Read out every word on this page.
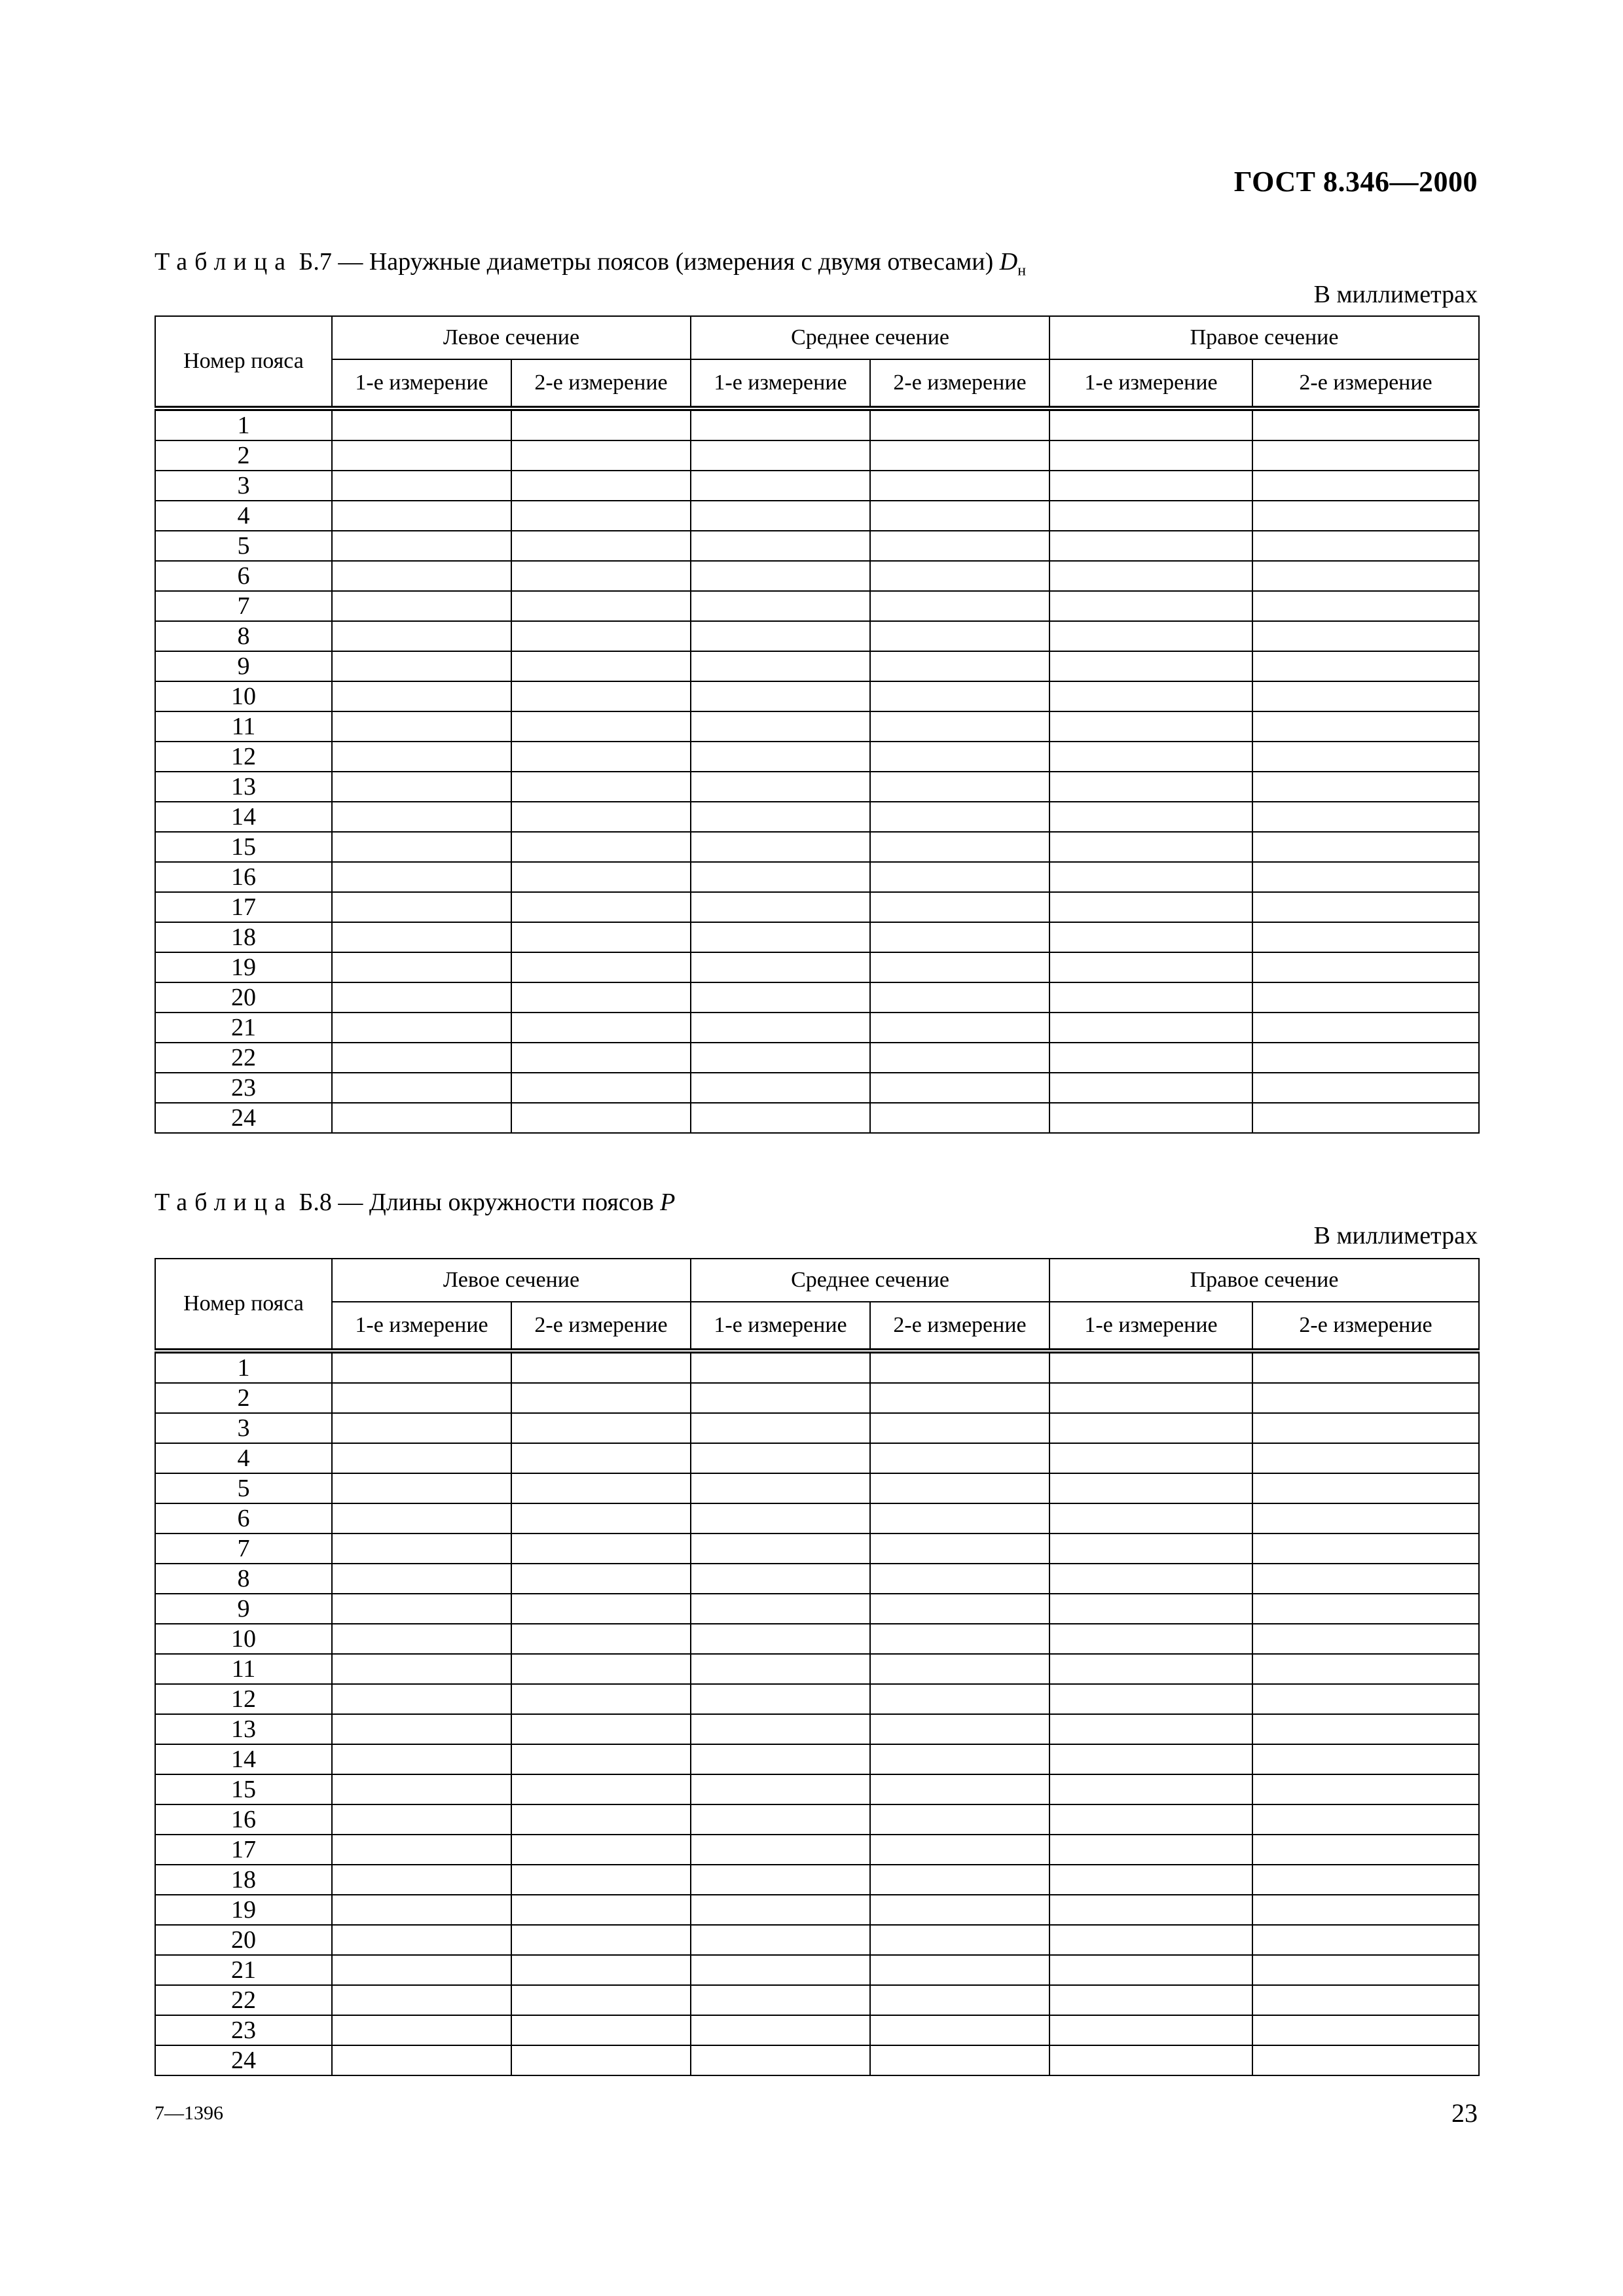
ГОСТ 8.346—2000
Таблица Б.7 — Наружные диаметры поясов (измерения с двумя отвесами) $D_н$
В миллиметрах
Номер пояса	Левое сечение		Среднее сечение		Правое сечение	
	1-е измерение	2-е измерение	1-е измерение	2-е измерение	1-е измерение	2-е измерение
1						
2						
3						
4						
5						
6						
7						
8						
9						
10						
11						
12						
13						
14						
15						
16						
17						
18						
19						
20						
21						
22						
23						
24						
Таблица Б.8 — Длины окружности поясов P
В миллиметрах
Номер пояса	Левое сечение		Среднее сечение		Правое сечение	
	1-е измерение	2-е измерение	1-е измерение	2-е измерение	1-е измерение	2-е измерение
1						
2						
3						
4						
5						
6						
7						
8						
9						
10						
11						
12						
13						
14						
15						
16						
17						
18						
19						
20						
21						
22						
23						
24						
7—1396	23
